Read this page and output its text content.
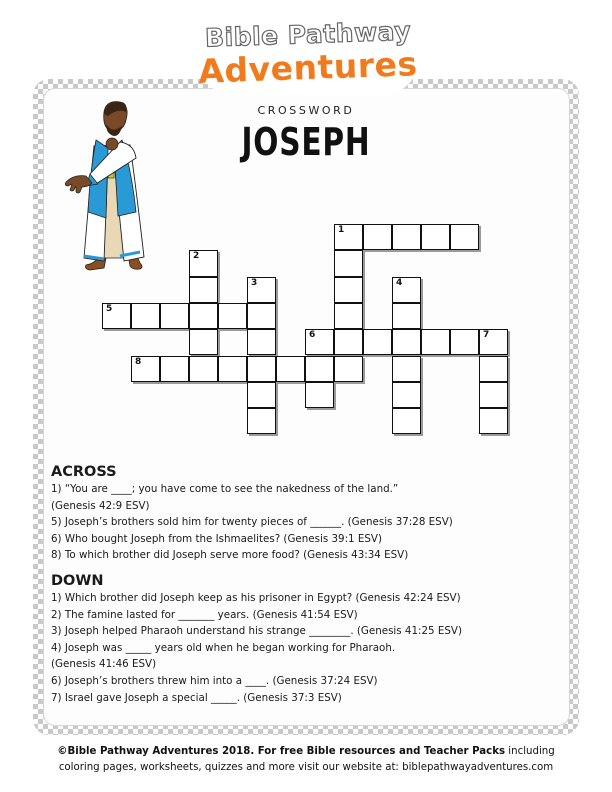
Bible Pathway
Adventures
CROSSWORD
JOSEPH
1
2
3	4
5
6	7
8

ACROSS

1) “You are ____; you have come to see the nakedness of the land.”

(Genesis 42:9 ESV)

5) Joseph’s brothers sold him for twenty pieces of ______. (Genesis 37:28 ESV)

6) Who bought Joseph from the Ishmaelites? (Genesis 39:1 ESV)

8) To which brother did Joseph serve more food? (Genesis 43:34 ESV)

DOWN

1) Which brother did Joseph keep as his prisoner in Egypt? (Genesis 42:24 ESV)

2) The famine lasted for _______ years. (Genesis 41:54 ESV)

3) Joseph helped Pharaoh understand his strange ________. (Genesis 41:25 ESV)

4) Joseph was _____ years old when he began working for Pharaoh.

(Genesis 41:46 ESV)

6) Joseph’s brothers threw him into a ____. (Genesis 37:24 ESV)

7) Israel gave Joseph a special _____. (Genesis 37:3 ESV)

©Bible Pathway Adventures 2018. For free Bible resources and Teacher Packs including
coloring pages, worksheets, quizzes and more visit our website at: biblepathwayadventures.com
